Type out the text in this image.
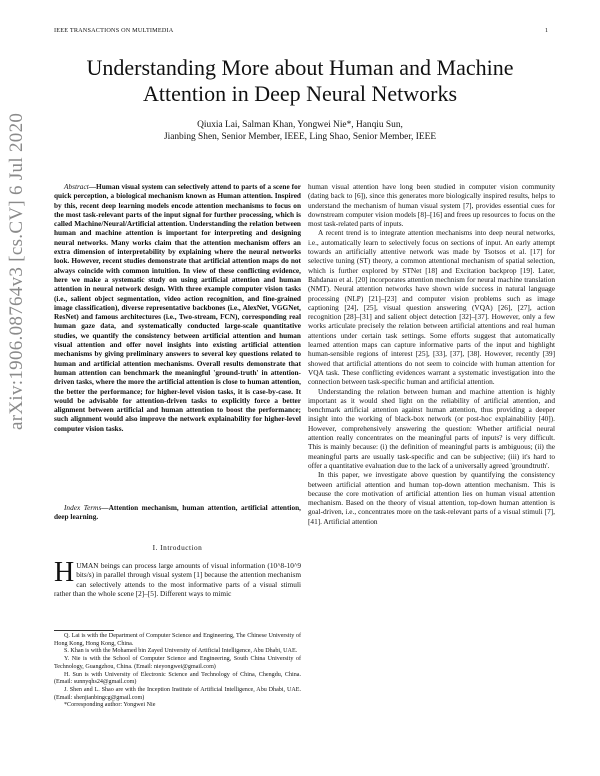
IEEE TRANSACTIONS ON MULTIMEDIA	1
arXiv:1906.08764v3 [cs.CV] 6 Jul 2020
Understanding More about Human and Machine
Attention in Deep Neural Networks
Qiuxia Lai, Salman Khan, Yongwei Nie*, Hanqiu Sun,
Jianbing Shen, Senior Member, IEEE, Ling Shao, Senior Member, IEEE

Abstract—Human visual system can selectively attend to parts of a scene for quick perception, a biological mechanism known as Human attention. Inspired by this, recent deep learning models encode attention mechanisms to focus on the most task-relevant parts of the input signal for further processing, which is called Machine/Neural/Artificial attention. Understanding the relation between human and machine attention is important for interpreting and designing neural networks. Many works claim that the attention mechanism offers an extra dimension of interpretability by explaining where the neural networks look. However, recent studies demonstrate that artificial attention maps do not always coincide with common intuition. In view of these conflicting evidence, here we make a systematic study on using artificial attention and human attention in neural network design. With three example computer vision tasks (i.e., salient object segmentation, video action recognition, and fine-grained image classification), diverse representative backbones (i.e., AlexNet, VGGNet, ResNet) and famous architectures (i.e., Two-stream, FCN), corresponding real human gaze data, and systematically conducted large-scale quantitative studies, we quantify the consistency between artificial attention and human visual attention and offer novel insights into existing artificial attention mechanisms by giving preliminary answers to several key questions related to human and artificial attention mechanisms. Overall results demonstrate that human attention can benchmark the meaningful 'ground-truth' in attention-driven tasks, where the more the artificial attention is close to human attention, the better the performance; for higher-level vision tasks, it is case-by-case. It would be advisable for attention-driven tasks to explicitly force a better alignment between artificial and human attention to boost the performance; such alignment would also improve the network explainability for higher-level computer vision tasks.

Index Terms—Attention mechanism, human attention, artificial attention, deep learning.

I. Introduction

HUMAN beings can process large amounts of visual information (10^8-10^9 bits/s) in parallel through visual system [1] because the attention mechanism can selectively attends to the most informative parts of a visual stimuli rather than the whole scene [2]–[5]. Different ways to mimic

Q. Lai is with the Department of Computer Science and Engineering, The Chinese University of Hong Kong, Hong Kong, China.

S. Khan is with the Mohamed bin Zayed University of Artificial Intelligence, Abu Dhabi, UAE.

Y. Nie is with the School of Computer Science and Engineering, South China University of Technology, Guangzhou, China. (Email: nieyongwei@gmail.com)

H. Sun is with University of Electronic Science and Technology of China, Chengdu, China. (Email: sunnyqhs24@gmail.com)

J. Shen and L. Shao are with the Inception Institute of Artificial Intelligence, Abu Dhabi, UAE. (Email: shenjianbingcg@gmail.com)

*Corresponding author: Yongwei Nie

human visual attention have long been studied in computer vision community (dating back to [6]), since this generates more biologically inspired results, helps to understand the mechanism of human visual system [7], provides essential cues for downstream computer vision models [8]–[16] and frees up resources to focus on the most task-related parts of inputs.

A recent trend is to integrate attention mechanisms into deep neural networks, i.e., automatically learn to selectively focus on sections of input. An early attempt towards an artificially attentive network was made by Tsotsos et al. [17] for selective tuning (ST) theory, a common attentional mechanism of spatial selection, which is further explored by STNet [18] and Excitation backprop [19]. Later, Bahdanau et al. [20] incorporates attention mechnism for neural machine translation (NMT). Neural attention networks have shown wide success in natural language processing (NLP) [21]–[23] and computer vision problems such as image captioning [24], [25], visual question answering (VQA) [26], [27], action recognition [28]–[31] and salient object detection [32]–[37]. However, only a few works articulate precisely the relation between artificial attentions and real human attentions under certain task settings. Some efforts suggest that automatically learned attention maps can capture informative parts of the input and highlight human-sensible regions of interest [25], [33], [37], [38]. However, recently [39] showed that artificial attentions do not seem to coincide with human attention for VQA task. These conflicting evidences warrant a systematic investigation into the connection between task-specific human and artificial attention.

Understanding the relation between human and machine attention is highly important as it would shed light on the reliability of artificial attention, and benchmark artificial attention against human attention, thus providing a deeper insight into the working of black-box network (or post-hoc explainability [40]). However, comprehensively answering the question: Whether artificial neural attention really concentrates on the meaningful parts of inputs? is very difficult. This is mainly because: (i) the definition of meaningful parts is ambiguous; (ii) the meaningful parts are usually task-specific and can be subjective; (iii) it's hard to offer a quantitative evaluation due to the lack of a universally agreed 'groundtruth'.

In this paper, we investigate above question by quantifying the consistency between artificial attention and human top-down attention mechanism. This is because the core motivation of artificial attention lies on human visual attention mechanism. Based on the theory of visual attention, top-down human attention is goal-driven, i.e., concentrates more on the task-relevant parts of a visual stimuli [7], [41]. Artificial attention
